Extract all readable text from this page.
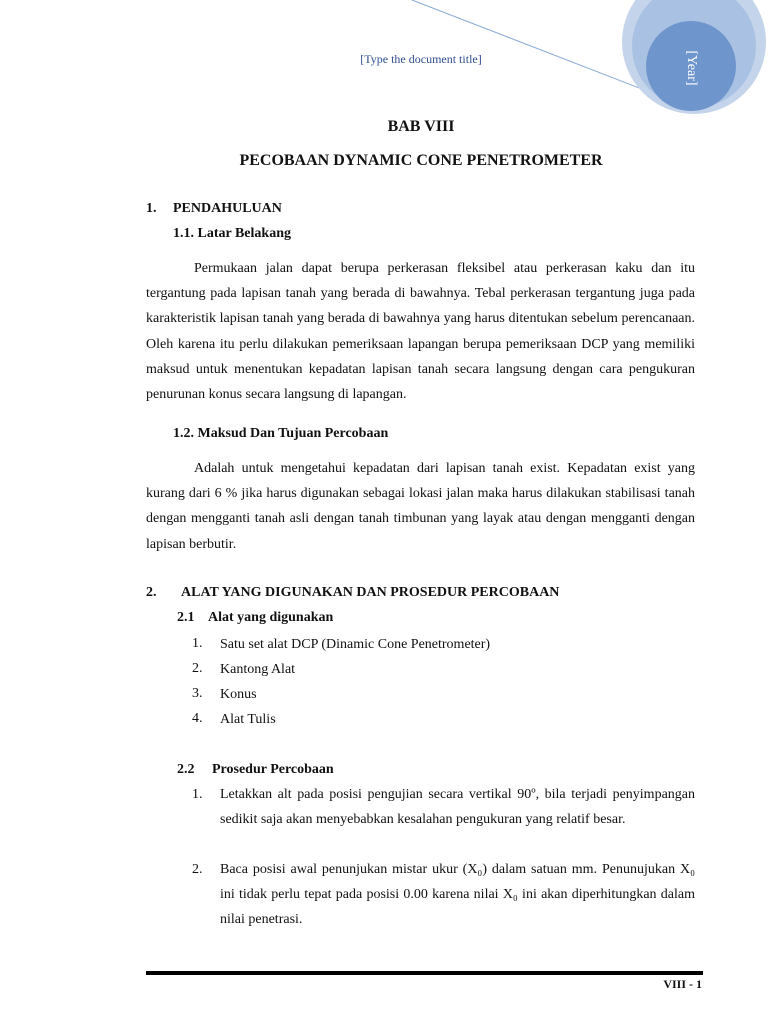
[Type the document title]	[Year]
BAB VIII
PECOBAAN DYNAMIC CONE PENETROMETER
1. PENDAHULUAN
1.1. Latar Belakang

Permukaan jalan dapat berupa perkerasan fleksibel atau perkerasan kaku dan itu tergantung pada lapisan tanah yang berada di bawahnya. Tebal perkerasan tergantung juga pada karakteristik lapisan tanah yang berada di bawahnya yang harus ditentukan sebelum perencanaan. Oleh karena itu perlu dilakukan pemeriksaan lapangan berupa pemeriksaan DCP yang memiliki maksud untuk menentukan kepadatan lapisan tanah secara langsung dengan cara pengukuran penurunan konus secara langsung di lapangan.

1.2. Maksud Dan Tujuan Percobaan

Adalah untuk mengetahui kepadatan dari lapisan tanah exist. Kepadatan exist yang kurang dari 6 % jika harus digunakan sebagai lokasi jalan maka harus dilakukan stabilisasi tanah dengan mengganti tanah asli dengan tanah timbunan yang layak atau dengan mengganti dengan lapisan berbutir.

2. ALAT YANG DIGUNAKAN DAN PROSEDUR PERCOBAAN
2.1 Alat yang digunakan
1. Satu set alat DCP (Dinamic Cone Penetrometer)
2. Kantong Alat
3. Konus
4. Alat Tulis
2.2 Prosedur Percobaan
1. Letakkan alt pada posisi pengujian secara vertikal 90º, bila terjadi penyimpangan sedikit saja akan menyebabkan kesalahan pengukuran yang relatif besar.

2. Baca posisi awal penunjukan mistar ukur (X₀) dalam satuan mm. Penunujukan X₀ ini tidak perlu tepat pada posisi 0.00 karena nilai X₀ ini akan diperhitungkan dalam nilai penetrasi.

VIII - 1
